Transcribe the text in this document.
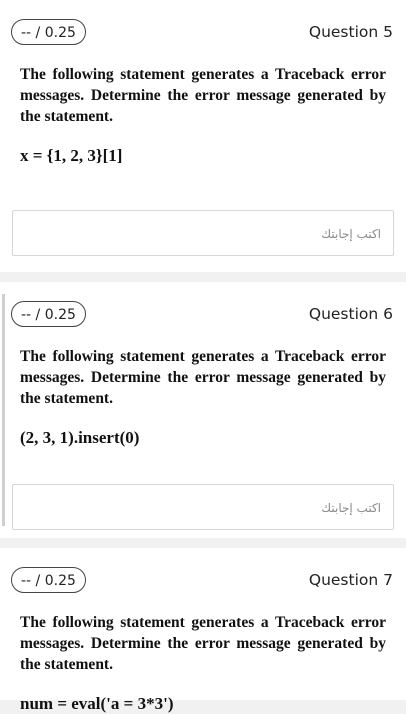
-- / 0.25	Question 5
The following statement generates a Traceback error messages. Determine the error message generated by the statement.
x = {1, 2, 3}[1]
اكتب إجابتك
-- / 0.25	Question 6
The following statement generates a Traceback error messages. Determine the error message generated by the statement.
(2, 3, 1).insert(0)
اكتب إجابتك
-- / 0.25	Question 7
The following statement generates a Traceback error messages. Determine the error message generated by the statement.
num = eval('a = 3*3')
